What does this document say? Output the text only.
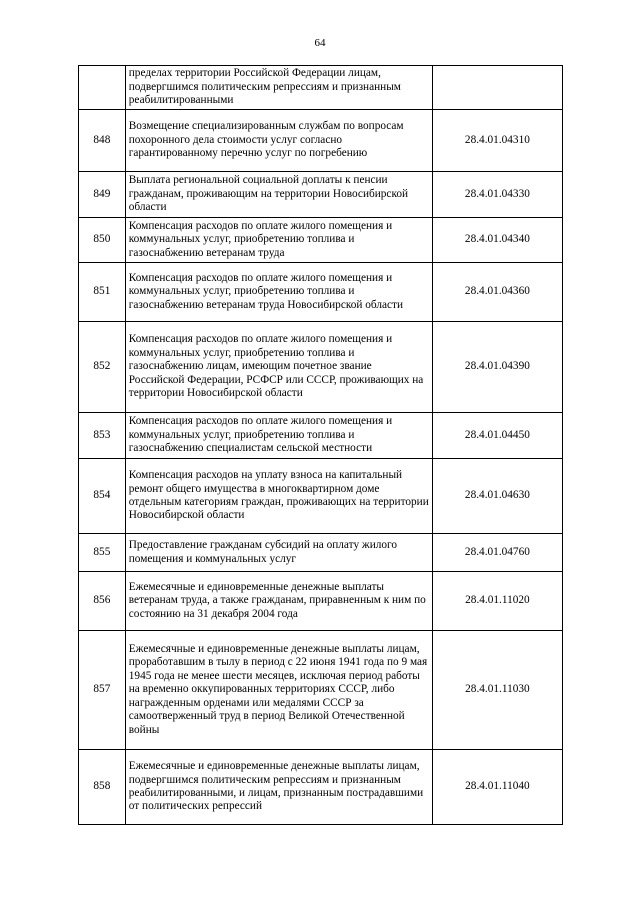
64
	пределах территории Российской Федерации лицам, подвергшимся политическим репрессиям и признанным реабилитированными	
848	Возмещение специализированным службам по вопросам похоронного дела стоимости услуг согласно гарантированному перечню услуг по погребению	28.4.01.04310
849	Выплата региональной социальной доплаты к пенсии гражданам, проживающим на территории Новосибирской области	28.4.01.04330
850	Компенсация расходов по оплате жилого помещения и коммунальных услуг, приобретению топлива и газоснабжению ветеранам труда	28.4.01.04340
851	Компенсация расходов по оплате жилого помещения и коммунальных услуг, приобретению топлива и газоснабжению ветеранам труда Новосибирской области	28.4.01.04360
852	Компенсация расходов по оплате жилого помещения и коммунальных услуг, приобретению топлива и газоснабжению лицам, имеющим почетное звание Российской Федерации, РСФСР или СССР, проживающих на территории Новосибирской области	28.4.01.04390
853	Компенсация расходов по оплате жилого помещения и коммунальных услуг, приобретению топлива и газоснабжению специалистам сельской местности	28.4.01.04450
854	Компенсация расходов на уплату взноса на капитальный ремонт общего имущества в многоквартирном доме отдельным категориям граждан, проживающих на территории Новосибирской области	28.4.01.04630
855	Предоставление гражданам субсидий на оплату жилого помещения и коммунальных услуг	28.4.01.04760
856	Ежемесячные и единовременные денежные выплаты ветеранам труда, а также гражданам, приравненным к ним по состоянию на 31 декабря 2004 года	28.4.01.11020
857	Ежемесячные и единовременные денежные выплаты лицам, проработавшим в тылу в период с 22 июня 1941 года по 9 мая 1945 года не менее шести месяцев, исключая период работы на временно оккупированных территориях СССР, либо награжденным орденами или медалями СССР за самоотверженный труд в период Великой Отечественной войны	28.4.01.11030
858	Ежемесячные и единовременные денежные выплаты лицам, подвергшимся политическим репрессиям и признанным реабилитированными, и лицам, признанным пострадавшими от политических репрессий	28.4.01.11040
